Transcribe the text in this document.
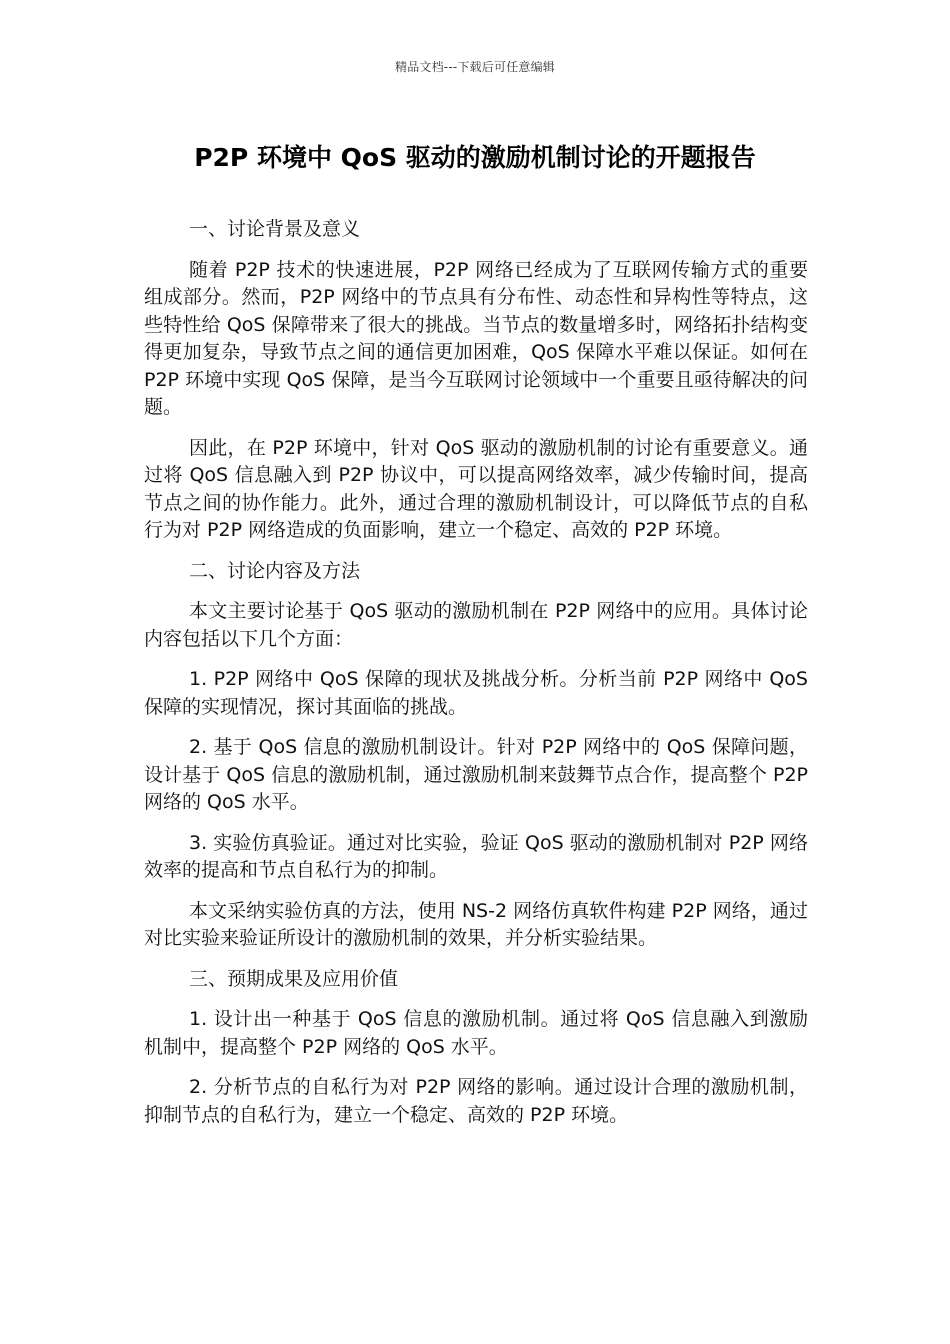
精品文档---下载后可任意编辑
P2P 环境中 QoS 驱动的激励机制讨论的开题报告

一、讨论背景及意义

随着 P2P 技术的快速进展，P2P 网络已经成为了互联网传输方式的重要组成部分。然而，P2P 网络中的节点具有分布性、动态性和异构性等特点，这些特性给 QoS 保障带来了很大的挑战。当节点的数量增多时，网络拓扑结构变得更加复杂，导致节点之间的通信更加困难，QoS 保障水平难以保证。如何在 P2P 环境中实现 QoS 保障，是当今互联网讨论领域中一个重要且亟待解决的问题。

因此，在 P2P 环境中，针对 QoS 驱动的激励机制的讨论有重要意义。通过将 QoS 信息融入到 P2P 协议中，可以提高网络效率，减少传输时间，提高节点之间的协作能力。此外，通过合理的激励机制设计，可以降低节点的自私行为对 P2P 网络造成的负面影响，建立一个稳定、高效的 P2P 环境。

二、讨论内容及方法

本文主要讨论基于 QoS 驱动的激励机制在 P2P 网络中的应用。具体讨论内容包括以下几个方面：

1. P2P 网络中 QoS 保障的现状及挑战分析。分析当前 P2P 网络中 QoS 保障的实现情况，探讨其面临的挑战。

2. 基于 QoS 信息的激励机制设计。针对 P2P 网络中的 QoS 保障问题，设计基于 QoS 信息的激励机制，通过激励机制来鼓舞节点合作，提高整个 P2P 网络的 QoS 水平。

3. 实验仿真验证。通过对比实验，验证 QoS 驱动的激励机制对 P2P 网络效率的提高和节点自私行为的抑制。

本文采纳实验仿真的方法，使用 NS-2 网络仿真软件构建 P2P 网络，通过对比实验来验证所设计的激励机制的效果，并分析实验结果。

三、预期成果及应用价值

1. 设计出一种基于 QoS 信息的激励机制。通过将 QoS 信息融入到激励机制中，提高整个 P2P 网络的 QoS 水平。

2. 分析节点的自私行为对 P2P 网络的影响。通过设计合理的激励机制，抑制节点的自私行为，建立一个稳定、高效的 P2P 环境。
